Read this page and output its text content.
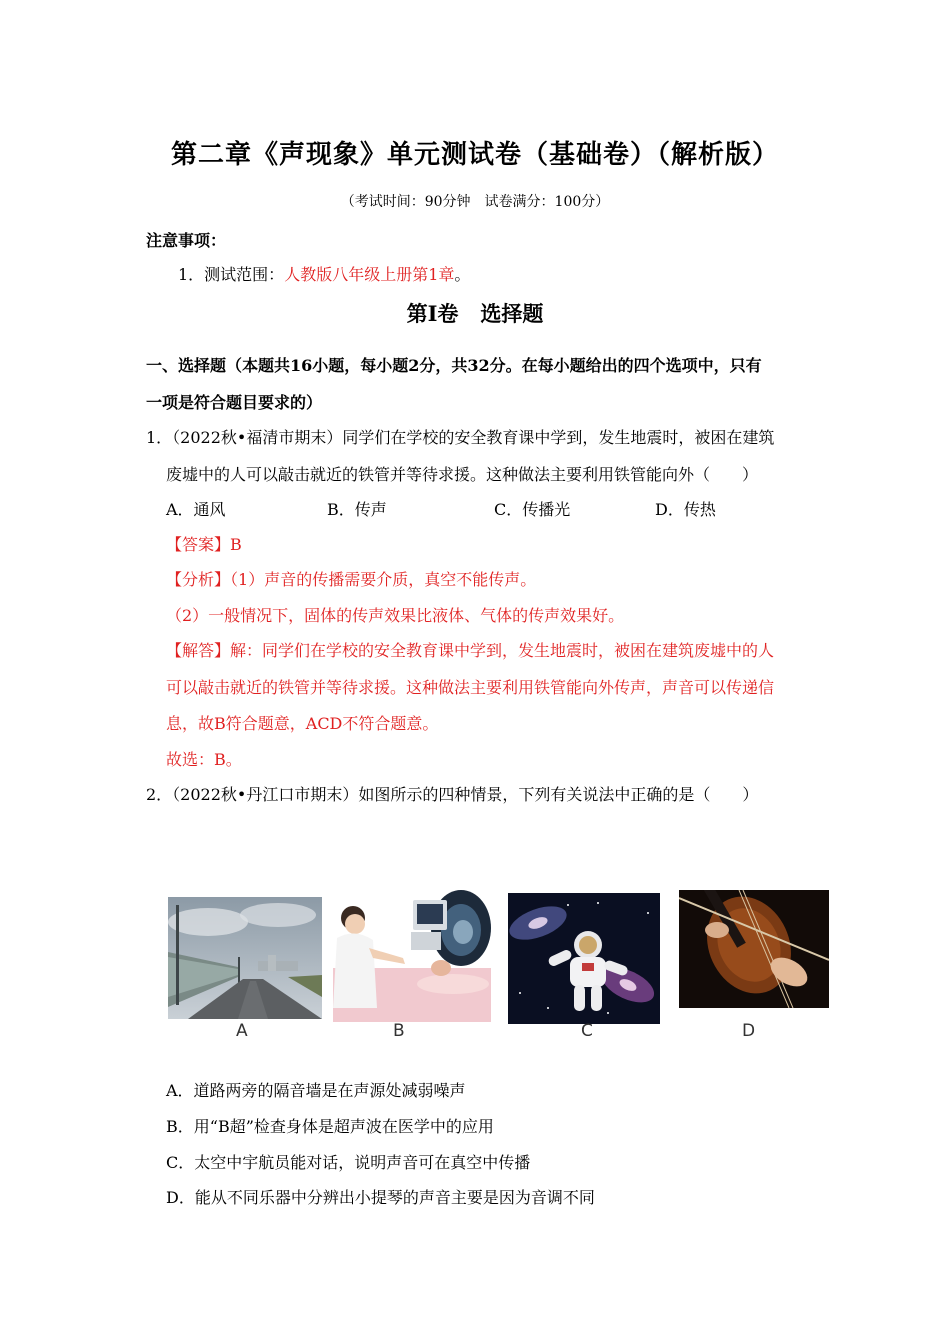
第二章《声现象》单元测试卷（基础卷）（解析版）
（考试时间：90分钟　试卷满分：100分）
注意事项：
1．测试范围：人教版八年级上册第1章。
第Ⅰ卷 选择题
一、选择题（本题共16小题，每小题2分，共32分。在每小题给出的四个选项中，只有
一项是符合题目要求的）
1．（2022秋•福清市期末）同学们在学校的安全教育课中学到，发生地震时，被困在建筑
废墟中的人可以敲击就近的铁管并等待求援。这种做法主要利用铁管能向外（　　）
A．通风	B．传声	C．传播光	D．传热
【答案】B
【分析】（1）声音的传播需要介质，真空不能传声。
（2）一般情况下，固体的传声效果比液体、气体的传声效果好。
【解答】解：同学们在学校的安全教育课中学到，发生地震时，被困在建筑废墟中的人
可以敲击就近的铁管并等待求援。这种做法主要利用铁管能向外传声，声音可以传递信
息，故B符合题意，ACD不符合题意。
故选：B。
2．（2022秋•丹江口市期末）如图所示的四种情景，下列有关说法中正确的是（　　）
A	B	C	D
A．道路两旁的隔音墙是在声源处减弱噪声
B．用“B超”检查身体是超声波在医学中的应用
C．太空中宇航员能对话，说明声音可在真空中传播
D．能从不同乐器中分辨出小提琴的声音主要是因为音调不同
